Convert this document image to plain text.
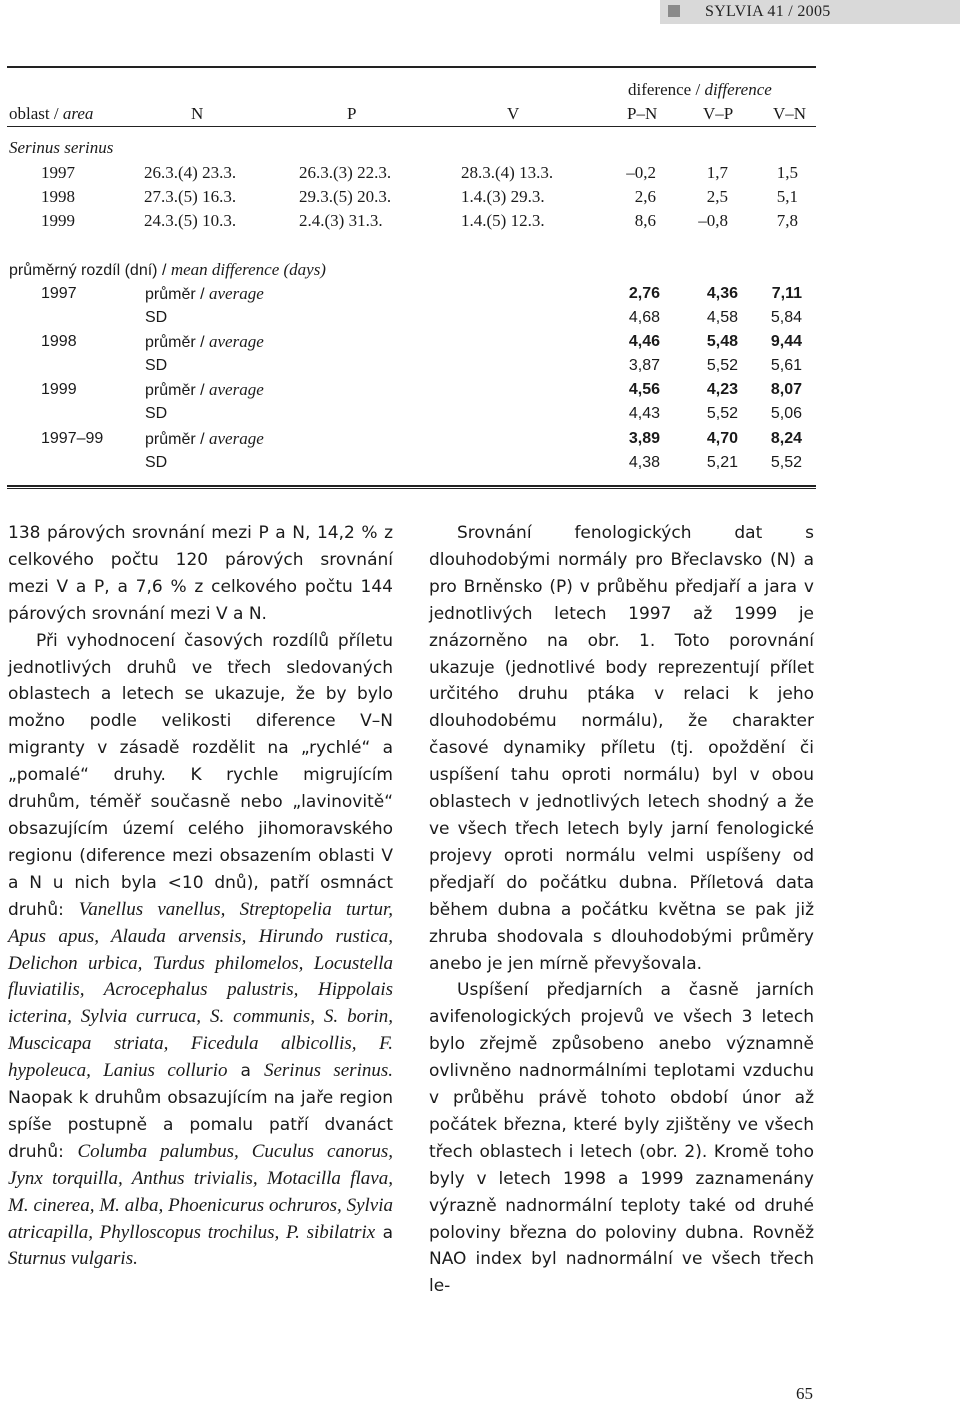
SYLVIA 41 / 2005
diference / difference
oblast / area	N	P	V	P–N	V–P V–N
Serinus serinus
1997	26.3.(4) 23.3.	26.3.(3) 22.3.	28.3.(4) 13.3.	–0,2	1,7	1,5
1998	27.3.(5) 16.3.	29.3.(5) 20.3.	1.4.(3) 29.3.	2,6	2,5	5,1
1999	24.3.(5) 10.3.	2.4.(3) 31.3.	1.4.(5) 12.3.	8,6	–0,8	7,8
průměrný rozdíl (dní) / mean difference (days)
1997	průměr / average	2,76	4,36	7,11
SD	4,68	4,58	5,84
1998	průměr / average	4,46	5,48	9,44
SD	3,87	5,52	5,61
1999	průměr / average	4,56	4,23	8,07
SD	4,43	5,52	5,06
1997–99	průměr / average	3,89	4,70	8,24
SD	4,38	5,21	5,52

138 párových srovnání mezi P a N, 14,2 % z celkového počtu 120 párových srovnání mezi V a P, a 7,6 % z celkového počtu 144 párových srovnání mezi V a N.

Při vyhodnocení časových rozdílů příletu jednotlivých druhů ve třech sledovaných oblastech a letech se ukazuje, že by bylo možno podle velikosti diference V–N migranty v zásadě rozdělit na „rychlé“ a „pomalé“ druhy. K rychle migrujícím druhům, téměř současně nebo „lavinovitě“ obsazujícím území celého jihomoravského regionu (diference mezi obsazením oblasti V a N u nich byla <10 dnů), patří osmnáct druhů: Vanellus vanellus, Streptopelia turtur, Apus apus, Alauda arvensis, Hirundo rustica, Delichon urbica, Turdus philomelos, Locustella fluviatilis, Acrocephalus palustris, Hippolais icterina, Sylvia curruca, S. communis, S. borin, Muscicapa striata, Ficedula albicollis, F. hypoleuca, Lanius collurio a Serinus serinus. Naopak k druhům obsazujícím na jaře region spíše postupně a pomalu patří dvanáct druhů: Columba palumbus, Cuculus canorus, Jynx torquilla, Anthus trivialis, Motacilla flava, M. cinerea, M. alba, Phoenicurus ochruros, Sylvia atricapilla, Phylloscopus trochilus, P. sibilatrix a Sturnus vulgaris.

Srovnání fenologických dat s dlouhodobými normály pro Břeclavsko (N) a pro Brněnsko (P) v průběhu předjaří a jara v jednotlivých letech 1997 až 1999 je znázorněno na obr. 1. Toto porovnání ukazuje (jednotlivé body reprezentují přílet určitého druhu ptáka v relaci k jeho dlouhodobému normálu), že charakter časové dynamiky příletu (tj. opoždění či uspíšení tahu oproti normálu) byl v obou oblastech v jednotlivých letech shodný a že ve všech třech letech byly jarní fenologické projevy oproti normálu velmi uspíšeny od předjaří do počátku dubna. Příletová data během dubna a počátku května se pak již zhruba shodovala s dlouhodobými průměry anebo je jen mírně převyšovala.

Uspíšení předjarních a časně jarních avifenologických projevů ve všech 3 letech bylo zřejmě způsobeno anebo významně ovlivněno nadnormálními teplotami vzduchu v průběhu právě tohoto období únor až počátek března, které byly zjištěny ve všech třech oblastech i letech (obr. 2). Kromě toho byly v letech 1998 a 1999 zaznamenány výrazně nadnormální teploty také od druhé poloviny března do poloviny dubna. Rovněž NAO index byl nadnormální ve všech třech le-

65
